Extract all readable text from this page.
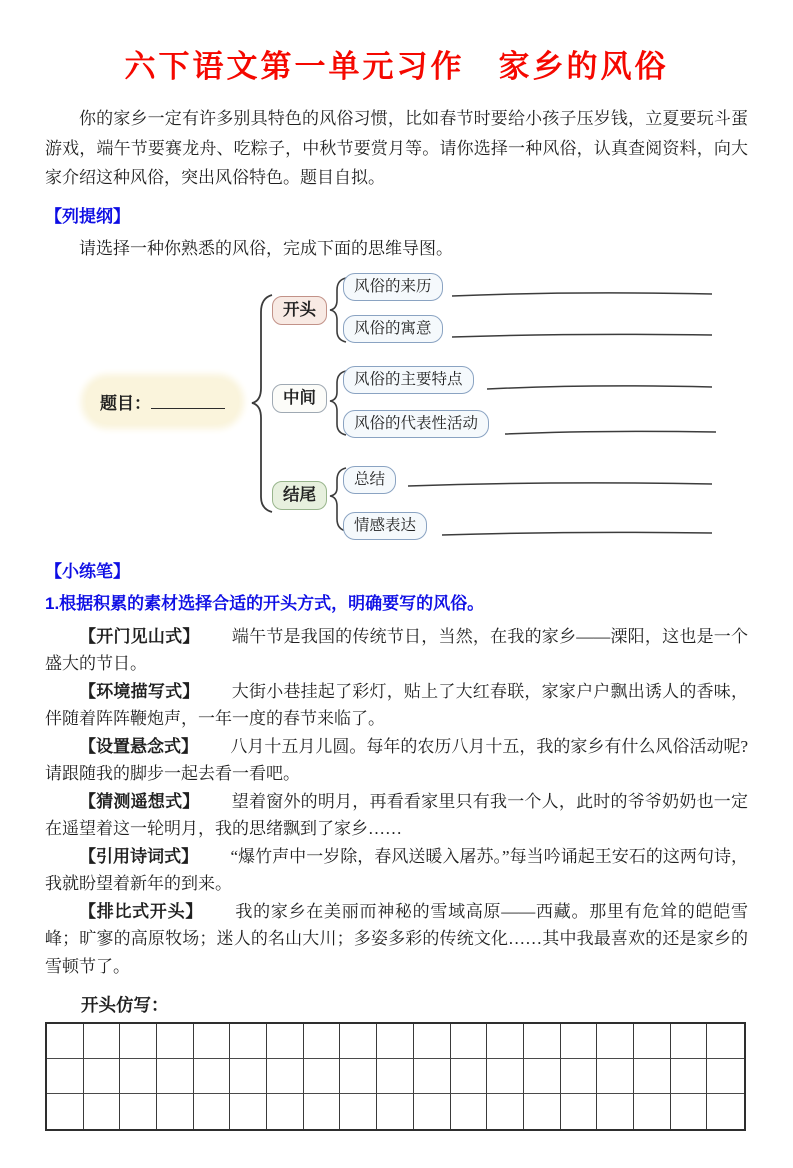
六下语文第一单元习作　家乡的风俗

你的家乡一定有许多别具特色的风俗习惯，比如春节时要给小孩子压岁钱，立夏要玩斗蛋游戏，端午节要赛龙舟、吃粽子，中秋节要赏月等。请你选择一种风俗，认真查阅资料，向大家介绍这种风俗，突出风俗特色。题目自拟。

【列提纲】

请选择一种你熟悉的风俗，完成下面的思维导图。

题目：
开头
中间
结尾
风俗的来历
风俗的寓意
风俗的主要特点
风俗的代表性活动
总结
情感表达
【小练笔】
1.根据积累的素材选择合适的开头方式，明确要写的风俗。

【开门见山式】 端午节是我国的传统节日，当然，在我的家乡——溧阳，这也是一个盛大的节日。

【环境描写式】 大街小巷挂起了彩灯，贴上了大红春联，家家户户飘出诱人的香味，伴随着阵阵鞭炮声，一年一度的春节来临了。

【设置悬念式】 八月十五月儿圆。每年的农历八月十五，我的家乡有什么风俗活动呢?请跟随我的脚步一起去看一看吧。

【猜测遥想式】 望着窗外的明月，再看看家里只有我一个人，此时的爷爷奶奶也一定在遥望着这一轮明月，我的思绪飘到了家乡……

【引用诗词式】 “爆竹声中一岁除，春风送暖入屠苏。”每当吟诵起王安石的这两句诗，我就盼望着新年的到来。

【排比式开头】 我的家乡在美丽而神秘的雪域高原——西藏。那里有危耸的皑皑雪峰；旷寥的高原牧场；迷人的名山大川；多姿多彩的传统文化……其中我最喜欢的还是家乡的雪顿节了。

开头仿写：
